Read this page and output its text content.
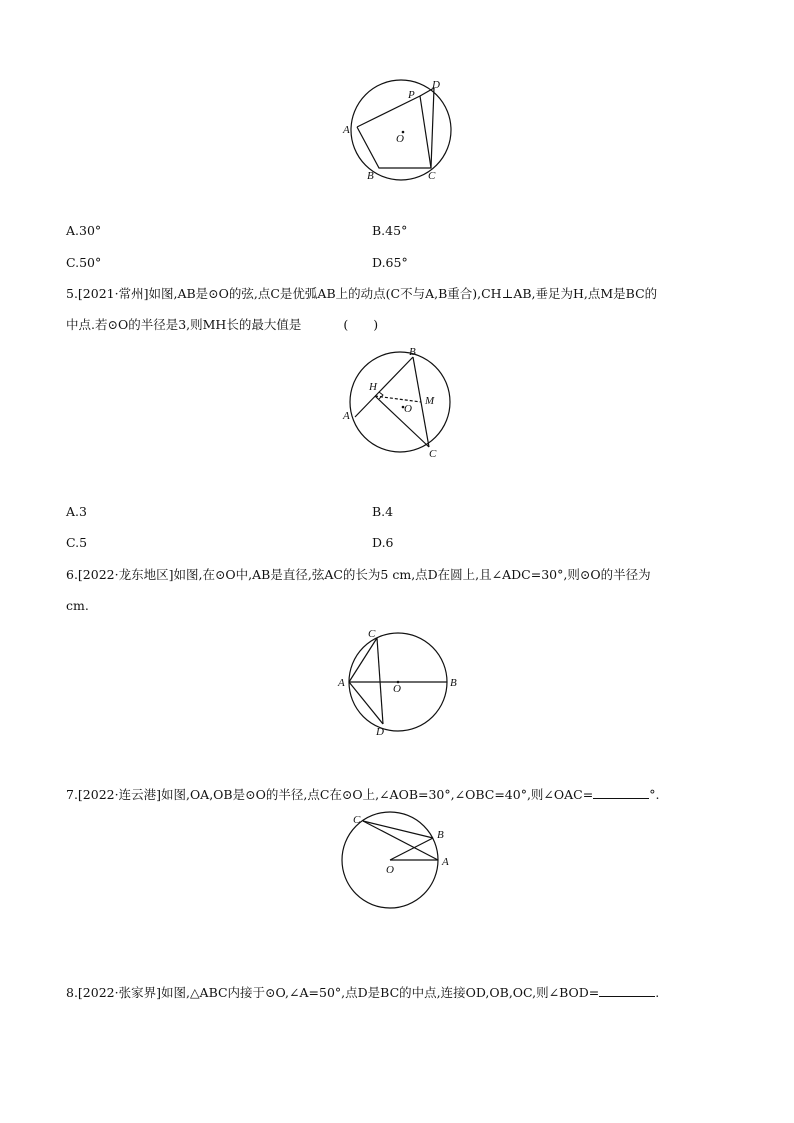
A
B	C
D
P
O
A.30°	B.45°
C.50°	D.65°
5.[2021·常州]如图,AB是⊙O的弦,点C是优弧AB上的动点(C不与A,B重合),CH⊥AB,垂足为H,点M是BC的
中点.若⊙O的半径是3,则MH长的最大值是	(　　)
A
B
C
H
M
O
A.3	B.4
C.5	D.6
6.[2022·龙东地区]如图,在⊙O中,AB是直径,弦AC的长为5 cm,点D在圆上,且∠ADC=30°,则⊙O的半径为
cm.
A	B
C
D
O
7.[2022·连云港]如图,OA,OB是⊙O的半径,点C在⊙O上,∠AOB=30°,∠OBC=40°,则∠OAC=	°.
A
B
C
O
8.[2022·张家界]如图,△ABC内接于⊙O,∠A=50°,点D是BC的中点,连接OD,OB,OC,则∠BOD=	.
